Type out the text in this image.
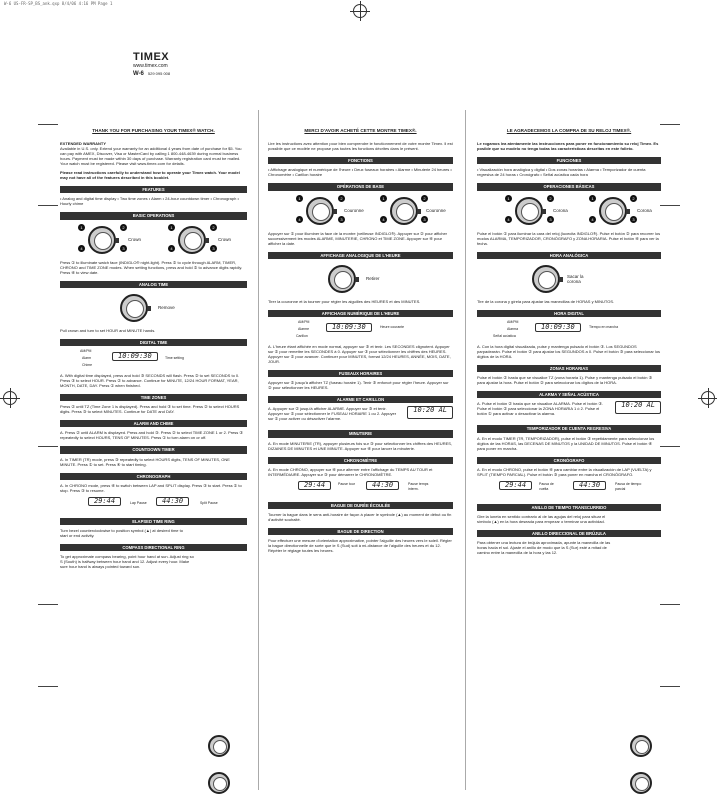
W-6 US-FR-SP_BS_ank.qxp 8/4/06 4:16 PM Page 1
TIMEX
www.timex.com
W-6 529 095 008
THANK YOU FOR PURCHASING YOUR TIMEX® WATCH.
EXTENDED WARRANTY
Available in U.S. only. Extend your warranty for an additional 4 years from date of purchase for $5. You can pay with AMEX, Discover, Visa or MasterCard by calling 1 800-448-4639 during normal business hours. Payment must be made within 30 days of purchase. Warranty registration card must be mailed. Your watch must be registered. Please visit www.timex.com for details.
Please read instructions carefully to understand how to operate your Timex watch. Your model may not have all of the features described in this booklet.
FEATURES
• Analog and digital time display • Two time zones • Alarm • 24-hour countdown timer • Chronograph • Hourly chime
BASIC OPERATIONS
1
4
2
3
Crown
1
4
2
3
Crown
Press ① to illuminate watch face (INDIGLO® night-light). Press ② to cycle through ALARM, TIMER, CHRONO and TIME ZONE modes. When setting functions, press and hold ② to advance digits rapidly. Press ④ to view date.
ANALOG TIME
Remove
Pull crown and turn to set HOUR and MINUTE hands.
DIGITAL TIME
AM/PM
Alarm
Chime
10:09:30	Time setting
A. With digital time displayed, press and hold ③ SECONDS will flash. Press ② to set SECONDS to 0. Press ③ to select HOUR. Press ② to advance. Continue for MINUTE, 12/24 HOUR FORMAT, YEAR, MONTH, DATE, DAY. Press ① when finished.
TIME ZONES
Press ② until TZ (Time Zone 1 is displayed). Press and hold ③ to set time. Press ② to select HOURS digits. Press ③ to select MINUTES. Continue for DATE and DAY.
ALARM AND CHIME
A. Press ② until ALARM is displayed. Press and hold ③. Press ② to select TIME ZONE 1 or 2. Press ③ repeatedly to select HOURS, TENS OF MINUTES. Press ① to turn alarm on or off.
COUNTDOWN TIMER
A. In TIMER (TR) mode, press ③ repeatedly to select HOURS digits, TENS OF MINUTES, ONE MINUTE. Press ① to set. Press ④ to start timing.
CHRONOGRAPH
A. In CHRONO mode, press ④ to switch between LAP and SPLIT display. Press ③ to start. Press ① to stop. Press ③ to resume.
29:44	Lap Pause	44:30	Split Pause
ELAPSED TIME RING
Turn bezel counterclockwise to position symbol (▲) at desired time to start or end activity.
COMPASS DIRECTIONAL RING
To get approximate compass bearing, point hour hand at sun. Adjust ring so S (South) is halfway between hour hand and 12. Adjust every hour. Make sure hour hand is always pointed toward sun.
MERCI D'AVOIR ACHETÉ CETTE MONTRE TIMEX®.
Lire les instructions avec attention pour bien comprendre le fonctionnement de votre montre Timex. Il est possible que ce modèle ne propose pas toutes les fonctions décrites dans le présent.
FONCTIONS
• Affichage analogique et numérique de l'heure • Deux fuseaux horaires • Alarme • Minuterie 24 heures • Chronomètre • Carillon horaire
OPÉRATIONS DE BASE
1
4
2
3
Couronne
1
4
2
3
Couronne
Appuyer sur ① pour illuminer la face de la montre (veilleuse INDIGLO®). Appuyer sur ② pour afficher successivement les modes ALARME, MINUTERIE, CHRONO et TIME ZONE. Appuyer sur ④ pour afficher la date.
AFFICHAGE ANALOGIQUE DE L'HEURE
Retirer
Tirer la couronne et la tourner pour régler les aiguilles des HEURES et des MINUTES.
AFFICHAGE NUMÉRIQUE DE L'HEURE
AM/PM
Alarme
Carillon
10:09:30	Heure courante
A. L'heure étant affichée en mode normal, appuyer sur ③ et tenir. Les SECONDES clignotent. Appuyer sur ② pour remettre les SECONDES à 0. Appuyer sur ③ pour sélectionner les chiffres des HEURES. Appuyer sur ② pour avancer. Continuer pour MINUTES, format 12/24 HEURES, ANNÉE, MOIS, DATE, JOUR.
FUSEAUX HORAIRES
Appuyer sur ② jusqu'à afficher TZ (fuseau horaire 1). Tenir ③ enfoncé pour régler l'heure. Appuyer sur ② pour sélectionner les HEURES.
ALARME ET CARILLON
A. Appuyer sur ② jusqu'à afficher ALARME. Appuyer sur ③ et tenir. Appuyer sur ② pour sélectionner le FUSEAU HORAIRE 1 ou 2. Appuyer sur ① pour activer ou désactiver l'alarme.
10:20 AL
MINUTERIE
A. En mode MINUTERIE (TR), appuyer plusieurs fois sur ③ pour sélectionner les chiffres des HEURES, DIZAINES DE MINUTES et UNE MINUTE. Appuyer sur ④ pour lancer la minuterie.
CHRONOMÈTRE
A. En mode CHRONO, appuyer sur ④ pour alterner entre l'affichage du TEMPS AU TOUR et INTERMÉDIAIRE. Appuyer sur ③ pour démarrer le CHRONOMÈTRE.
29:44	Pause tour	44:30	Pause temps interm.
BAGUE DE DURÉE ÉCOULÉE
Tourner la bague dans le sens anti-horaire de façon à placer le symbole (▲) au moment de début ou fin d'activité souhaité.
BAGUE DE DIRECTION
Pour effectuer une mesure d'orientation approximative, pointer l'aiguille des heures vers le soleil. Régler la bague directionnelle de sorte que le S (Sud) soit à mi-distance de l'aiguille des heures et du 12. Répéter le réglage toutes les heures.
LE AGRADECEMOS LA COMPRA DE SU RELOJ TIMEX®.
Le rogamos lea atentamente las instrucciones para poner en funcionamiento su reloj Timex. Es posible que su modelo no tenga todas las características descritas en este folleto.
FUNCIONES
• Visualización hora analógica y digital • Dos zonas horarias • Alarma • Temporizador de cuenta regresiva de 24 horas • Cronógrafo • Señal acústica cada hora
OPERACIONES BÁSICAS
1
4
2
3
Corona
1
4
2
3
Corona
Pulse el botón ① para iluminar la cara del reloj (lucecita INDIGLO®). Pulse el botón ② para recorrer los modos ALARMA, TEMPORIZADOR, CRONÓGRAFO y ZONA HORARIA. Pulse el botón ④ para ver la fecha.
HORA ANALÓGICA
Sacar la corona
Tire de la corona y gírela para ajustar las manecillas de HORAS y MINUTOS.
HORA DIGITAL
AM/PM
Alarma
Señal acústica
10:09:30	Tiempo en marcha
A. Con la hora digital visualizada, pulse y mantenga pulsado el botón ③. Los SEGUNDOS parpadearán. Pulse el botón ② para ajustar los SEGUNDOS a 0. Pulse el botón ③ para seleccionar los dígitos de la HORA.
ZONAS HORARIAS
Pulse el botón ② hasta que se visualice TZ (zona horaria 1). Pulse y mantenga pulsado el botón ③ para ajustar la hora. Pulse el botón ② para seleccionar los dígitos de la HORA.
ALARMA Y SEÑAL ACÚSTICA
A. Pulse el botón ② hasta que se visualice ALARMA. Pulse el botón ③. Pulse el botón ② para seleccionar la ZONA HORARIA 1 ó 2. Pulse el botón ① para activar o desactivar la alarma.
10:20 AL
TEMPORIZADOR DE CUENTA REGRESIVA
A. En el modo TIMER (TR, TEMPORIZADOR), pulse el botón ③ repetidamente para seleccionar los dígitos de las HORAS, las DECENAS DE MINUTOS y la UNIDAD DE MINUTOS. Pulse el botón ④ para poner en marcha.
CRONÓGRAFO
A. En el modo CHRONO, pulse el botón ④ para cambiar entre la visualización de LAP (VUELTA) y SPLIT (TIEMPO PARCIAL). Pulse el botón ③ para poner en marcha el CRONÓGRAFO.
29:44	Pausa de vuelta
44:30	Pausa de tiempo parcial
ANILLO DE TIEMPO TRANSCURRIDO
Gire la luneta en sentido contrario al de las agujas del reloj para situar el símbolo (▲) en la hora deseada para empezar o terminar una actividad.
ANILLO DIRECCIONAL DE BRÚJULA
Para obtener una lectura de brújula aproximada, apunte la manecilla de las horas hacia el sol. Ajuste el anillo de modo que la S (Sur) esté a mitad de camino entre la manecilla de la hora y las 12.
